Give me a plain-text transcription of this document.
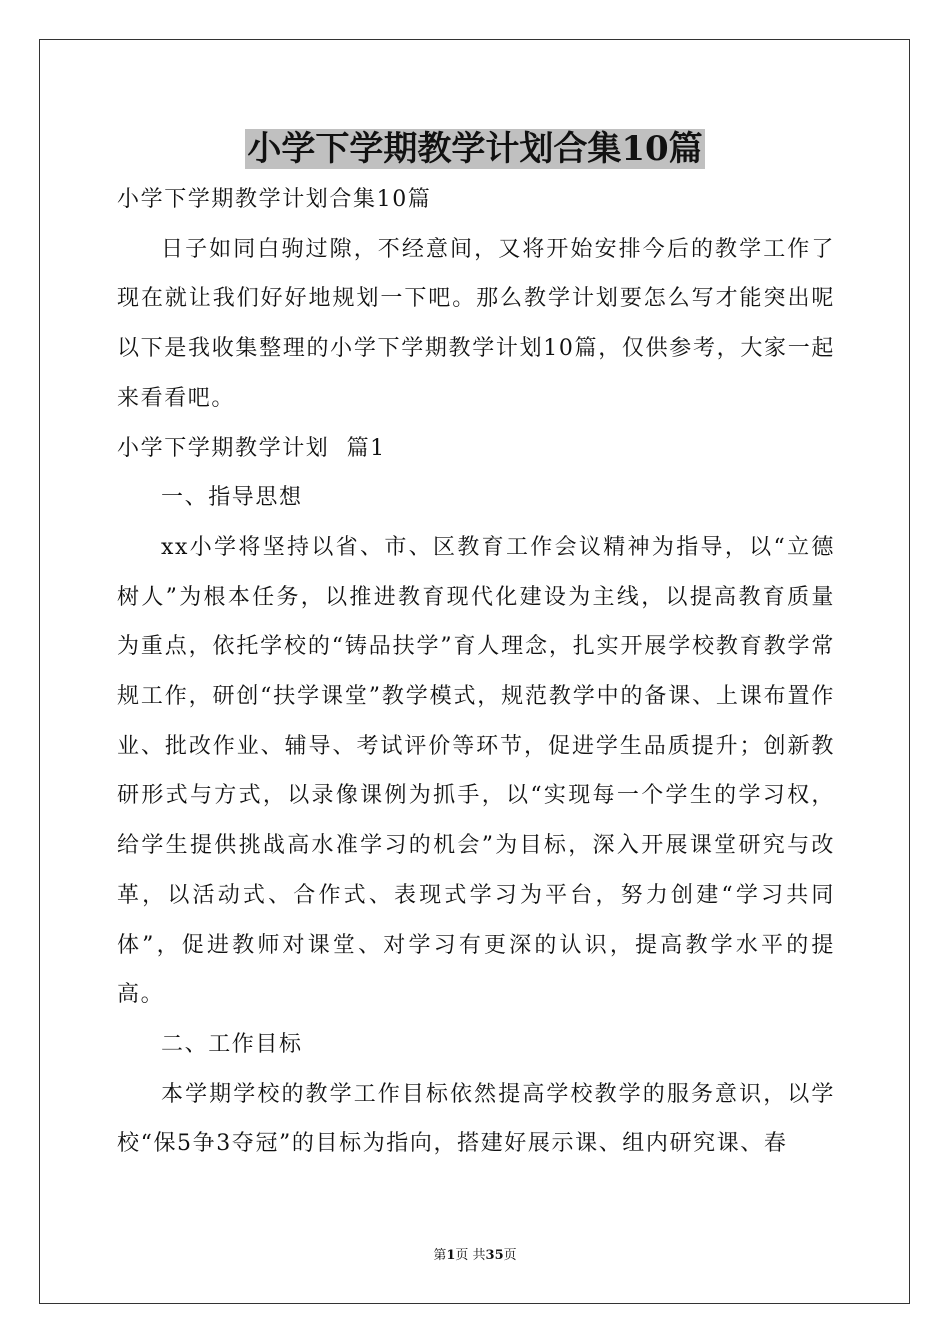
小学下学期教学计划合集10篇

小学下学期教学计划合集10篇

日子如同白驹过隙，不经意间，又将开始安排今后的教学工作了现在就让我们好好地规划一下吧。那么教学计划要怎么写才能突出呢以下是我收集整理的小学下学期教学计划10篇，仅供参考，大家一起来看看吧。

小学下学期教学计划  篇1

一、指导思想

xx小学将坚持以省、市、区教育工作会议精神为指导，以“立德树人”为根本任务，以推进教育现代化建设为主线，以提高教育质量为重点，依托学校的“铸品扶学”育人理念，扎实开展学校教育教学常规工作，研创“扶学课堂”教学模式，规范教学中的备课、上课布置作业、批改作业、辅导、考试评价等环节，促进学生品质提升；创新教研形式与方式，以录像课例为抓手，以“实现每一个学生的学习权，给学生提供挑战高水准学习的机会”为目标，深入开展课堂研究与改革，以活动式、合作式、表现式学习为平台，努力创建“学习共同体”，促进教师对课堂、对学习有更深的认识，提高教学水平的提高。

二、工作目标

本学期学校的教学工作目标依然提高学校教学的服务意识，以学校“保5争3夺冠”的目标为指向，搭建好展示课、组内研究课、春

第1页 共35页
